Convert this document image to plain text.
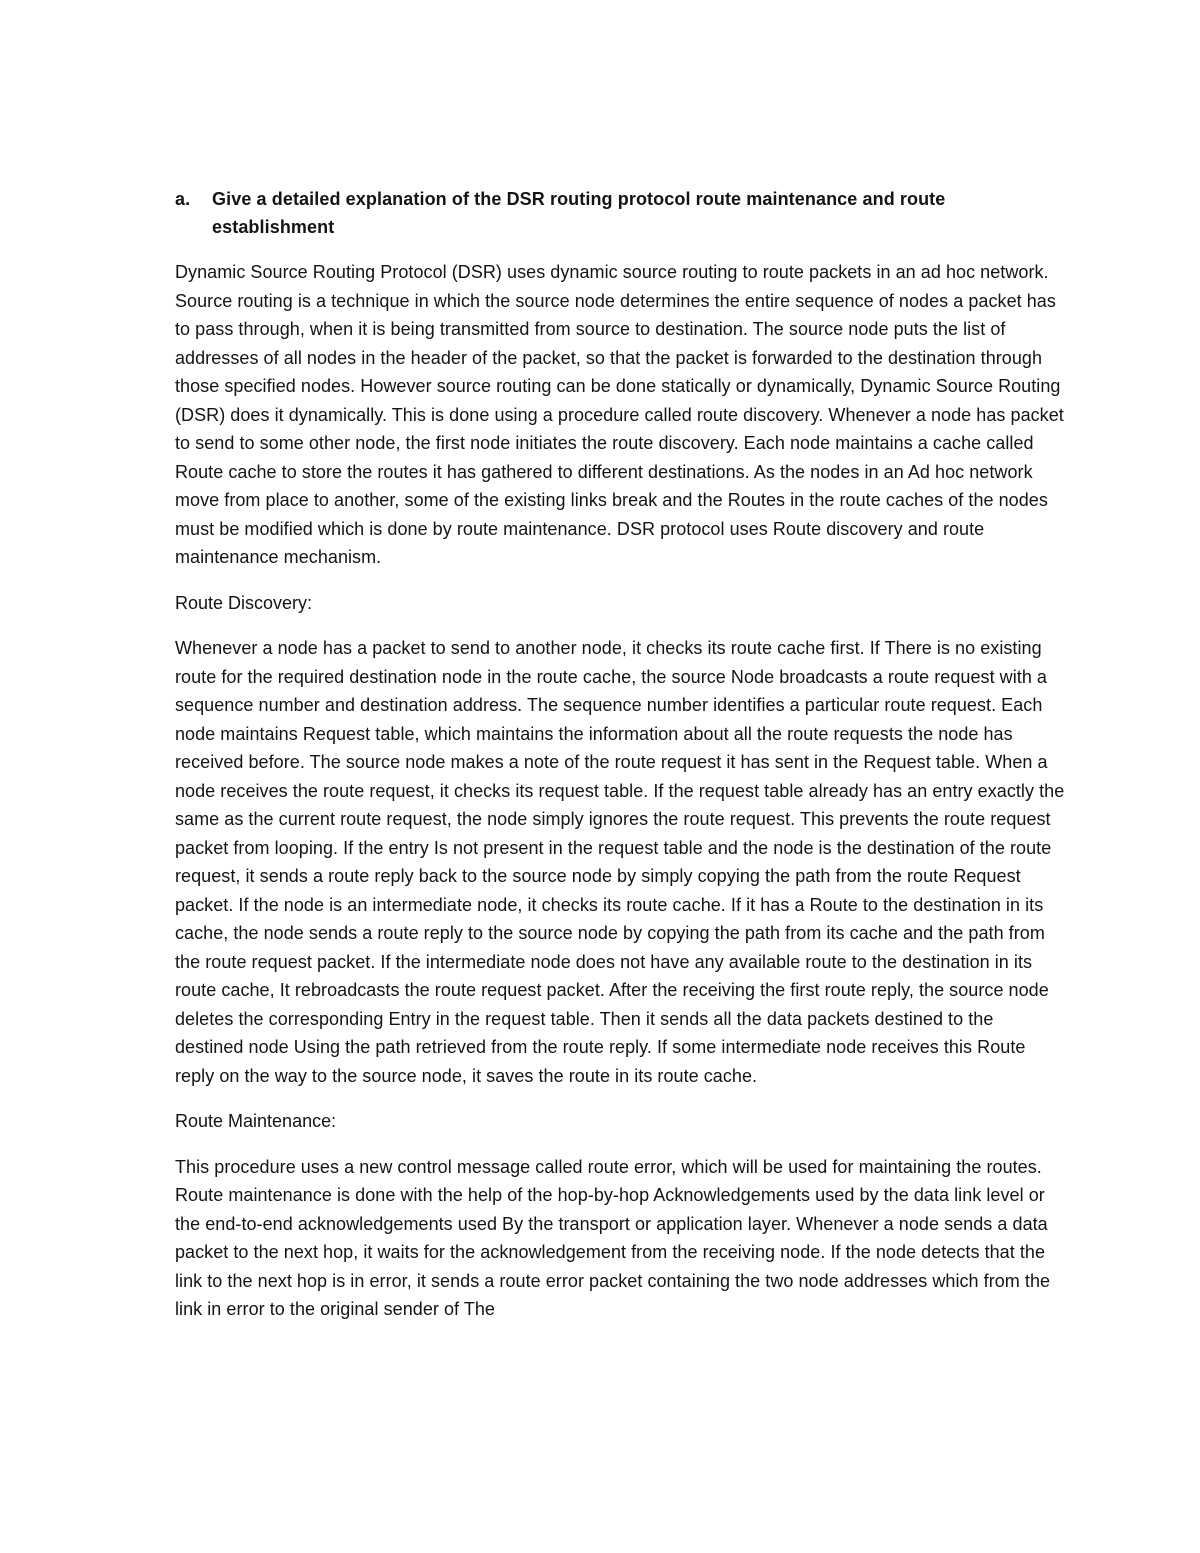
a. Give a detailed explanation of the DSR routing protocol route maintenance and route establishment

Dynamic Source Routing Protocol (DSR) uses dynamic source routing to route packets in an ad hoc network. Source routing is a technique in which the source node determines the entire sequence of nodes a packet has to pass through, when it is being transmitted from source to destination. The source node puts the list of addresses of all nodes in the header of the packet, so that the packet is forwarded to the destination through those specified nodes. However source routing can be done statically or dynamically, Dynamic Source Routing (DSR) does it dynamically. This is done using a procedure called route discovery. Whenever a node has packet to send to some other node, the first node initiates the route discovery. Each node maintains a cache called Route cache to store the routes it has gathered to different destinations. As the nodes in an Ad hoc network move from place to another, some of the existing links break and the Routes in the route caches of the nodes must be modified which is done by route maintenance. DSR protocol uses Route discovery and route maintenance mechanism.

Route Discovery:

Whenever a node has a packet to send to another node, it checks its route cache first. If There is no existing route for the required destination node in the route cache, the source Node broadcasts a route request with a sequence number and destination address. The sequence number identifies a particular route request. Each node maintains Request table, which maintains the information about all the route requests the node has received before. The source node makes a note of the route request it has sent in the Request table. When a node receives the route request, it checks its request table. If the request table already has an entry exactly the same as the current route request, the node simply ignores the route request. This prevents the route request packet from looping. If the entry Is not present in the request table and the node is the destination of the route request, it sends a route reply back to the source node by simply copying the path from the route Request packet. If the node is an intermediate node, it checks its route cache. If it has a Route to the destination in its cache, the node sends a route reply to the source node by copying the path from its cache and the path from the route request packet. If the intermediate node does not have any available route to the destination in its route cache, It rebroadcasts the route request packet. After the receiving the first route reply, the source node deletes the corresponding Entry in the request table. Then it sends all the data packets destined to the destined node Using the path retrieved from the route reply. If some intermediate node receives this Route reply on the way to the source node, it saves the route in its route cache.

Route Maintenance:

This procedure uses a new control message called route error, which will be used for maintaining the routes. Route maintenance is done with the help of the hop-by-hop Acknowledgements used by the data link level or the end-to-end acknowledgements used By the transport or application layer. Whenever a node sends a data packet to the next hop, it waits for the acknowledgement from the receiving node. If the node detects that the link to the next hop is in error, it sends a route error packet containing the two node addresses which from the link in error to the original sender of The
